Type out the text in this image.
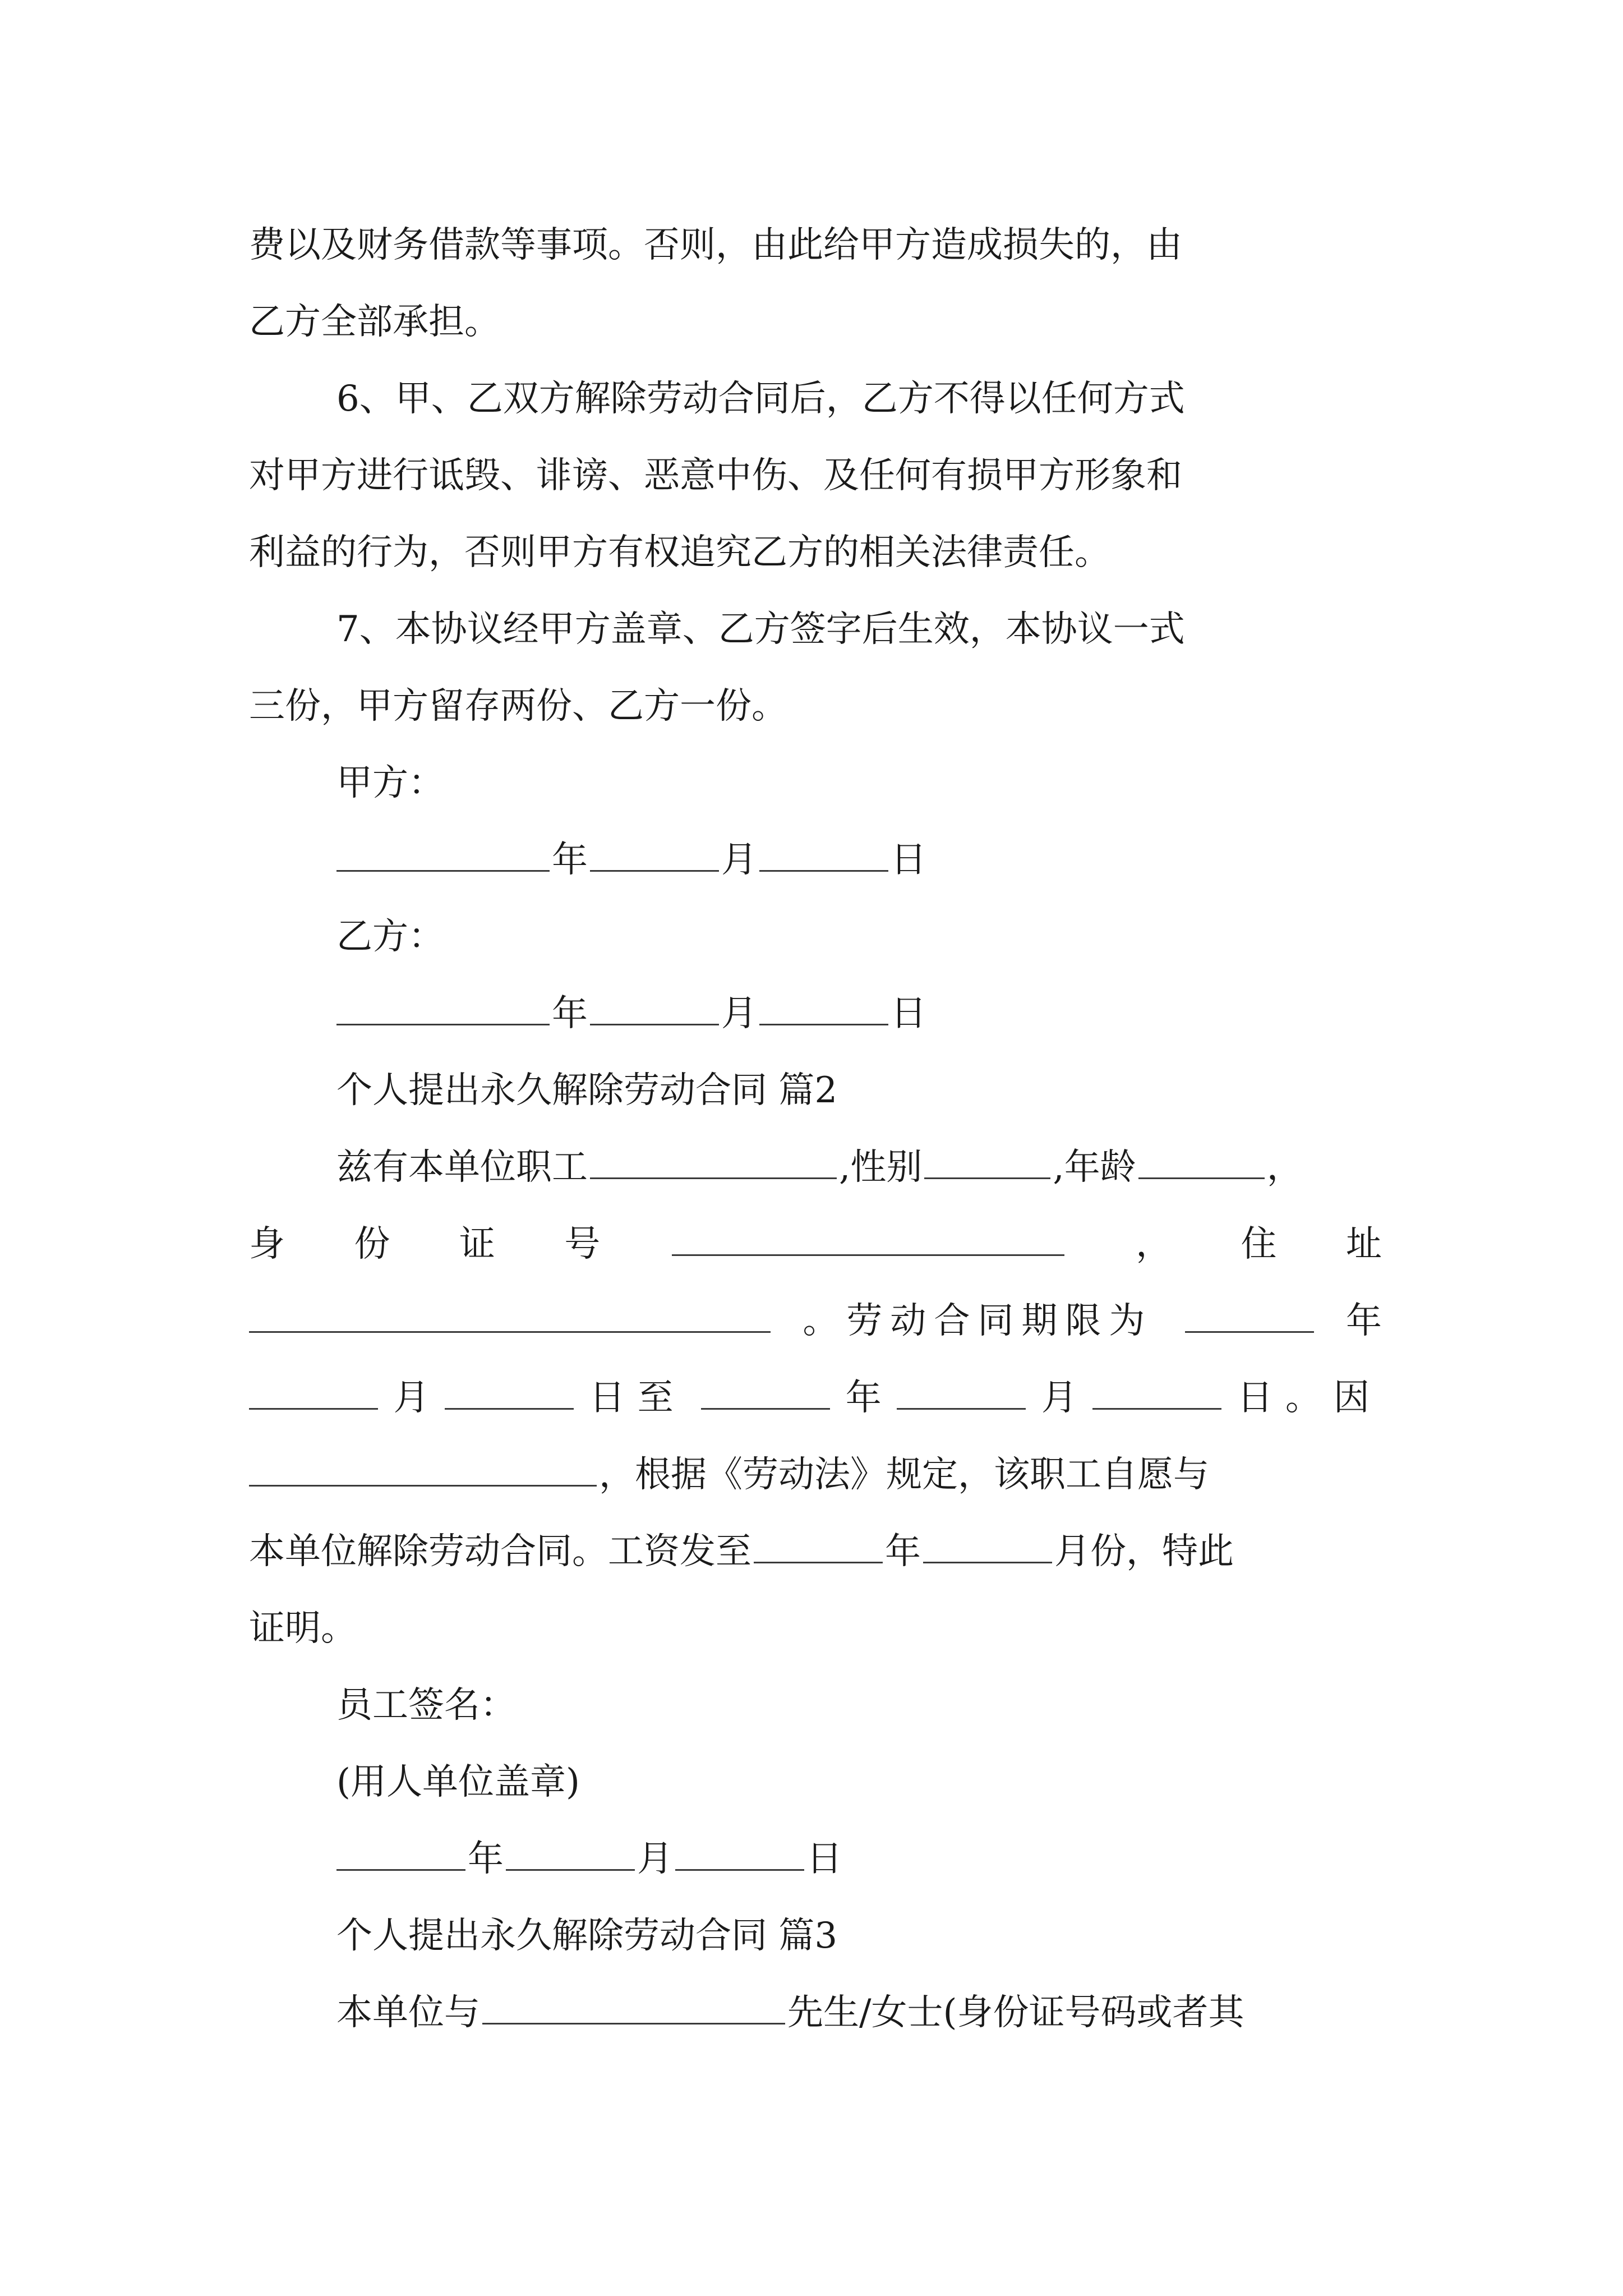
费以及财务借款等事项。否则，由此给甲方造成损失的，由
乙方全部承担。
6、甲、乙双方解除劳动合同后，乙方不得以任何方式
对甲方进行诋毁、诽谤、恶意中伤、及任何有损甲方形象和
利益的行为，否则甲方有权追究乙方的相关法律责任。
7、本协议经甲方盖章、乙方签字后生效，本协议一式
三份，甲方留存两份、乙方一份。
甲方：
年	月	日
乙方：
年	月	日
个人提出永久解除劳动合同 篇2
兹有本单位职工	,性别	,年龄	，
身 份 证 号	， 住 址
。劳动合同期限为	年
月	日至	年	月	日。因
，根据《劳动法》规定，该职工自愿与
本单位解除劳动合同。工资发至	年	月份，特此
证明。
员工签名：
(用人单位盖章)
年	月	日
个人提出永久解除劳动合同 篇3
本单位与	先生/女士(身份证号码或者其
